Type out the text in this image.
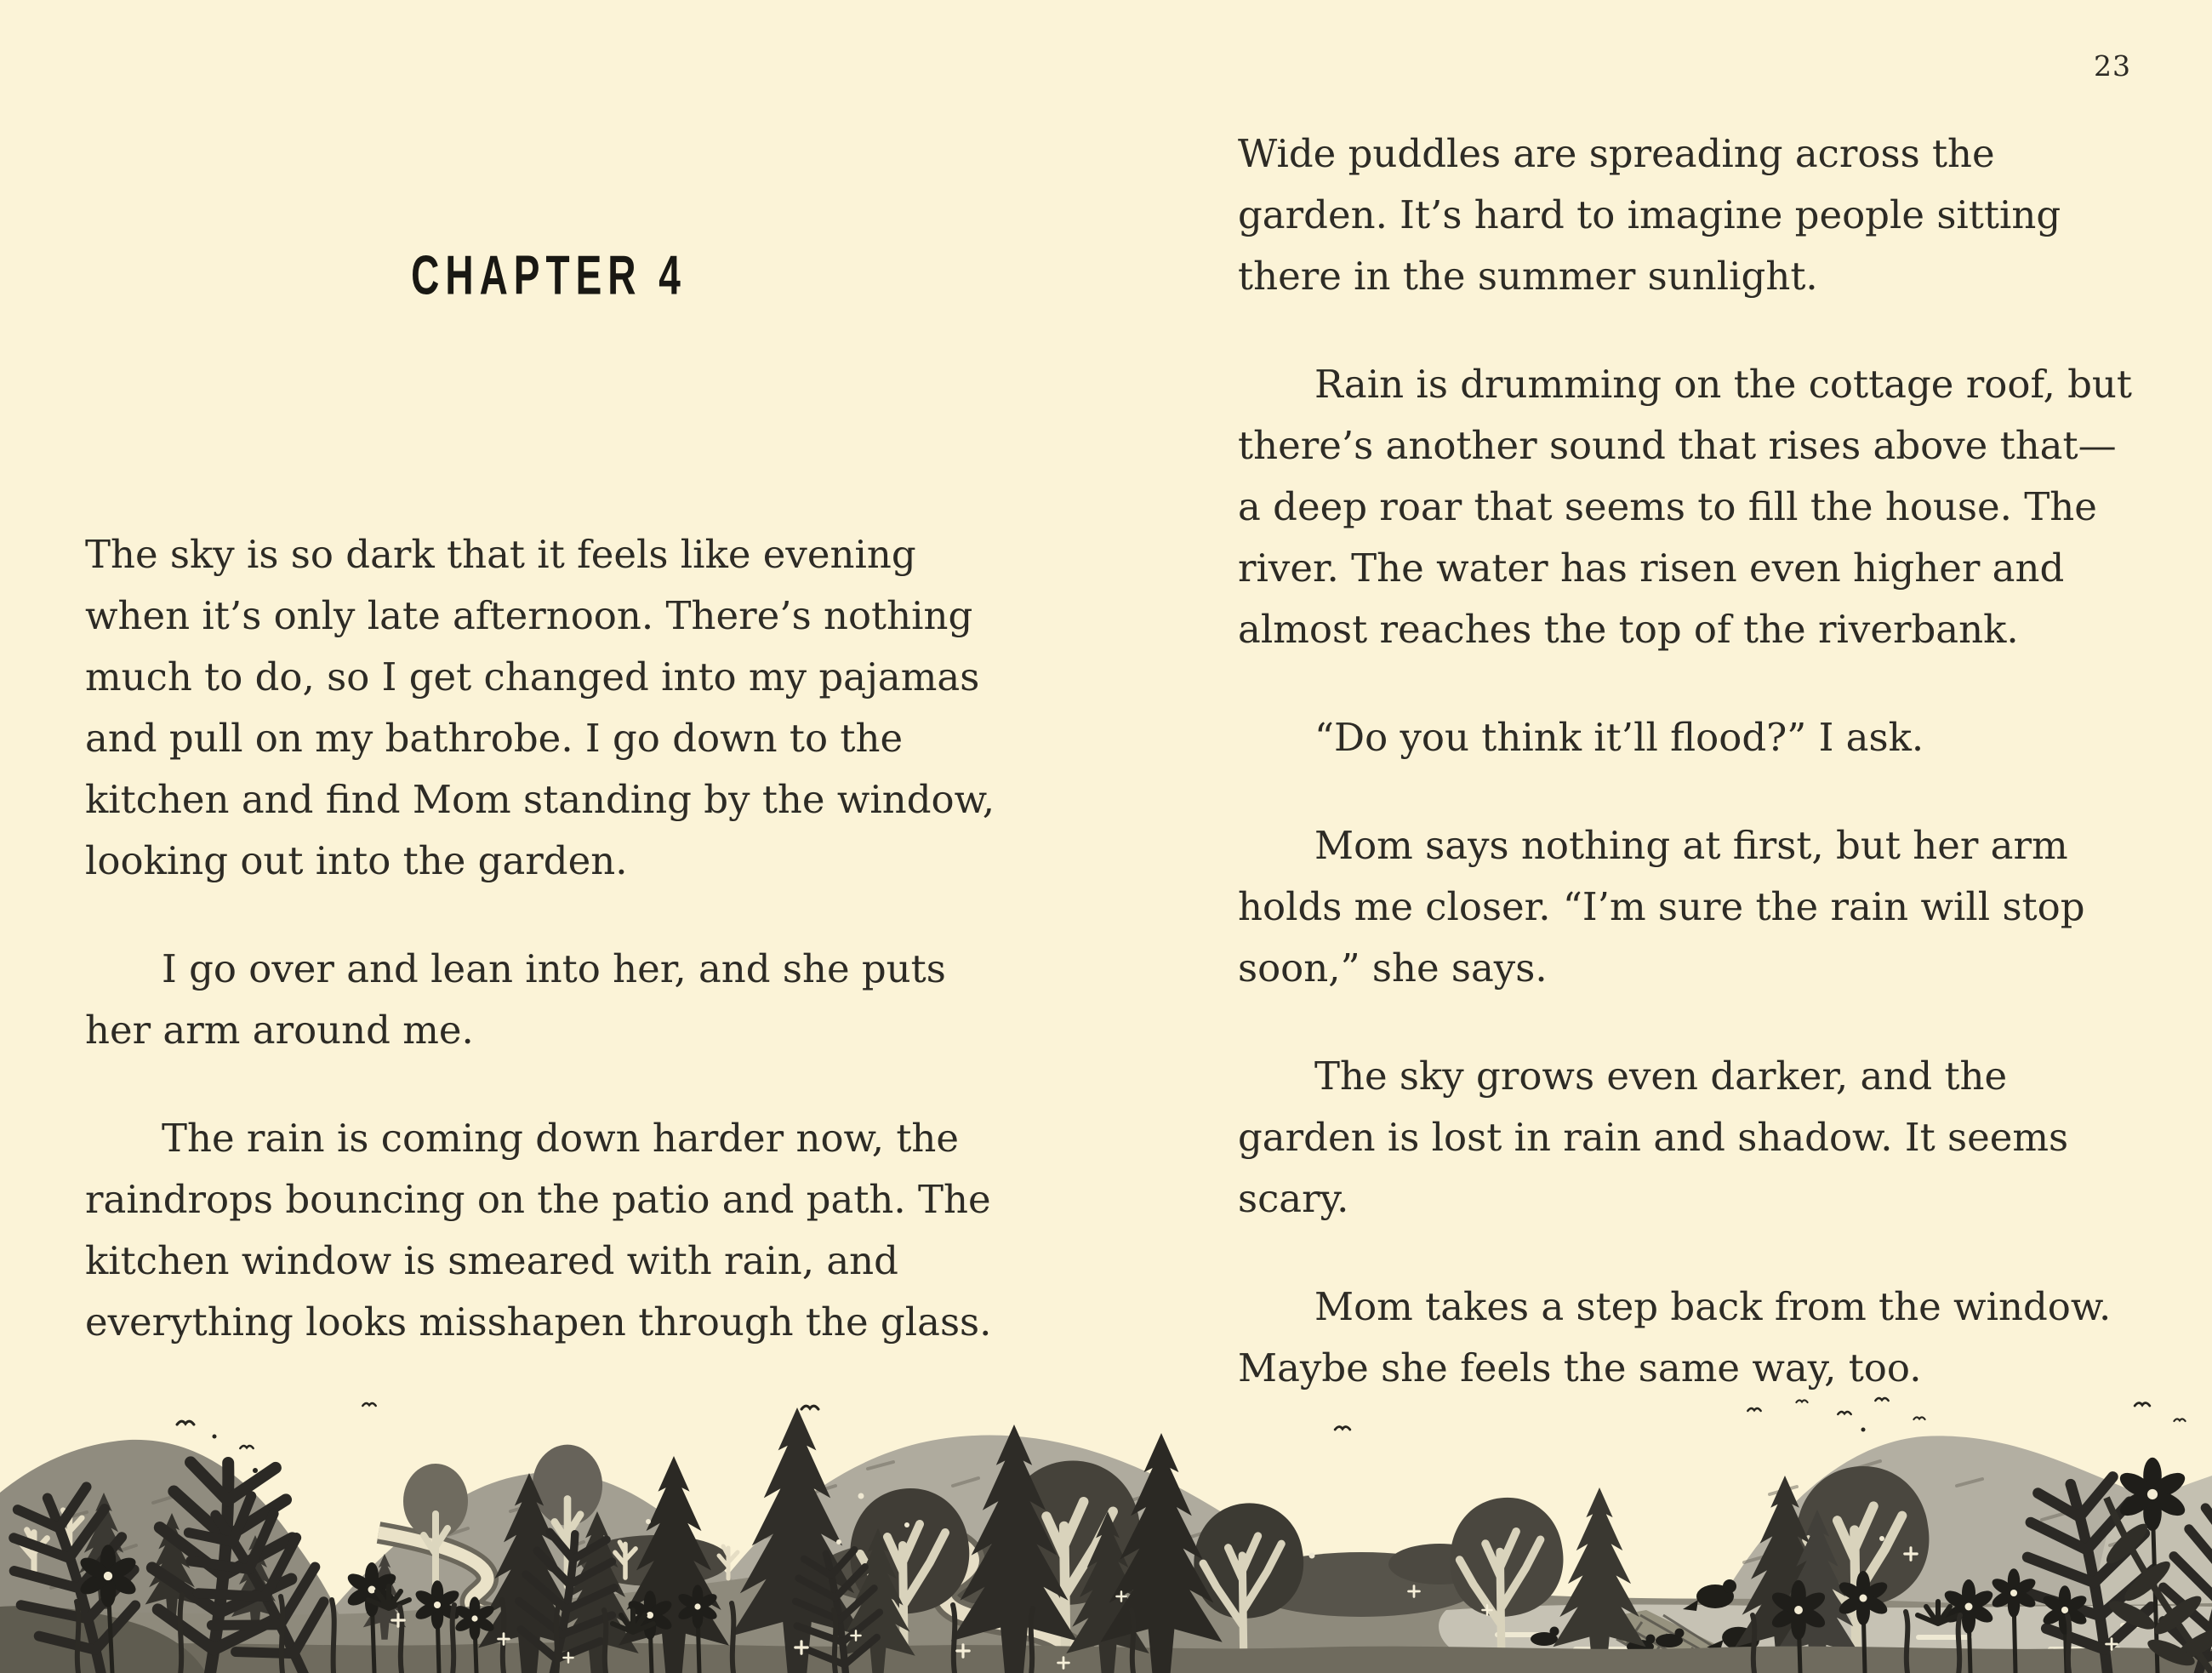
23
CHAPTER 4

The sky is so dark that it feels like evening when it’s only late afternoon. There’s nothing much to do, so I get changed into my pajamas and pull on my bathrobe. I go down to the kitchen and find Mom standing by the window, looking out into the garden.

I go over and lean into her, and she puts her arm around me.

The rain is coming down harder now, the raindrops bouncing on the patio and path. The kitchen window is smeared with rain, and everything looks misshapen through the glass.

Wide puddles are spreading across the garden. It’s hard to imagine people sitting there in the summer sunlight.

Rain is drumming on the cottage roof, but there’s another sound that rises above that—a deep roar that seems to fill the house. The river. The water has risen even higher and almost reaches the top of the riverbank.

“Do you think it’ll flood?” I ask.

Mom says nothing at first, but her arm holds me closer. “I’m sure the rain will stop soon,” she says.

The sky grows even darker, and the garden is lost in rain and shadow. It seems scary.

Mom takes a step back from the window. Maybe she feels the same way, too.
